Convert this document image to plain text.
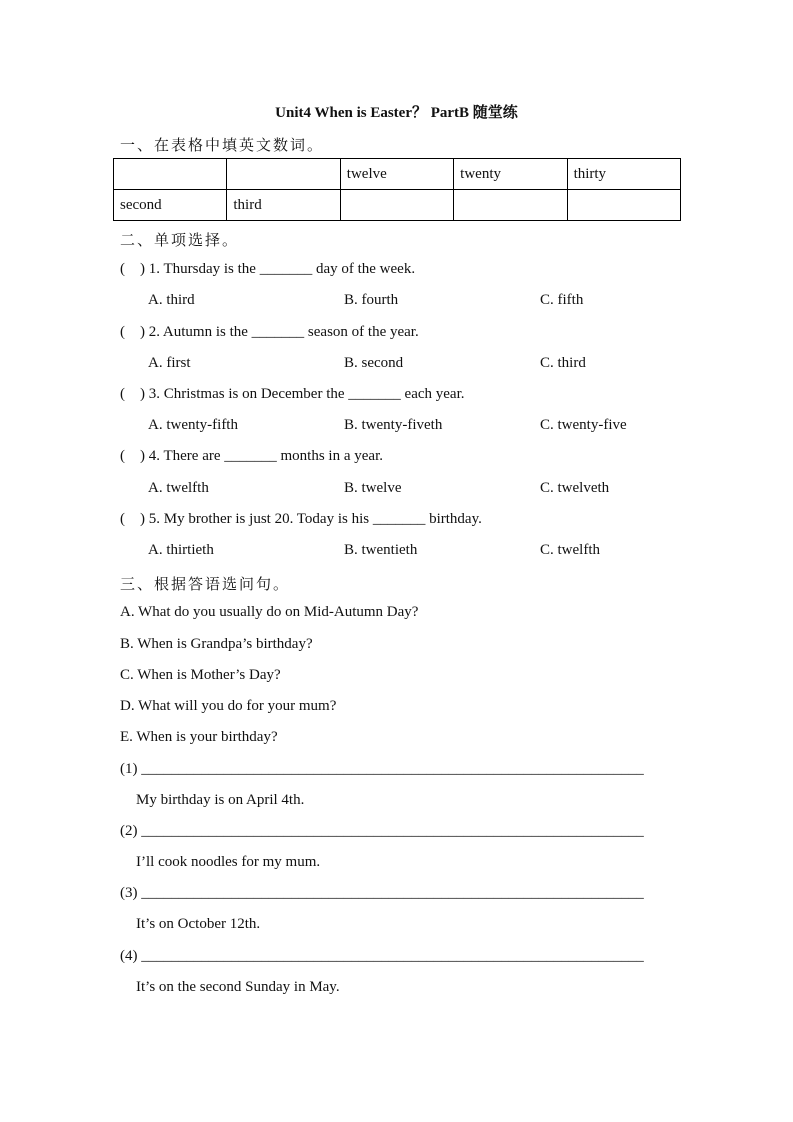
Unit4 When is Easter？ PartB 随堂练
一、在表格中填英文数词。
		twelve	twenty	thirty
second	third			
二、单项选择。
(    ) 1. Thursday is the _______ day of the week.
A. third	B. fourth	C. fifth
(    ) 2. Autumn is the _______ season of the year.
A. first	B. second	C. third
(    ) 3. Christmas is on December the _______ each year.
A. twenty-fifth	B. twenty-fiveth	C. twenty-five
(    ) 4. There are _______ months in a year.
A. twelfth	B. twelve	C. twelveth
(    ) 5. My brother is just 20. Today is his _______ birthday.
A. thirtieth	B. twentieth	C. twelfth
三、根据答语选问句。
A. What do you usually do on Mid-Autumn Day?
B. When is Grandpa’s birthday?
C. When is Mother’s Day?
D. What will you do for your mum?
E. When is your birthday?
(1) ___________________________________________________________________
My birthday is on April 4th.
(2) ___________________________________________________________________
I’ll cook noodles for my mum.
(3) ___________________________________________________________________
It’s on October 12th.
(4) ___________________________________________________________________
It’s on the second Sunday in May.
